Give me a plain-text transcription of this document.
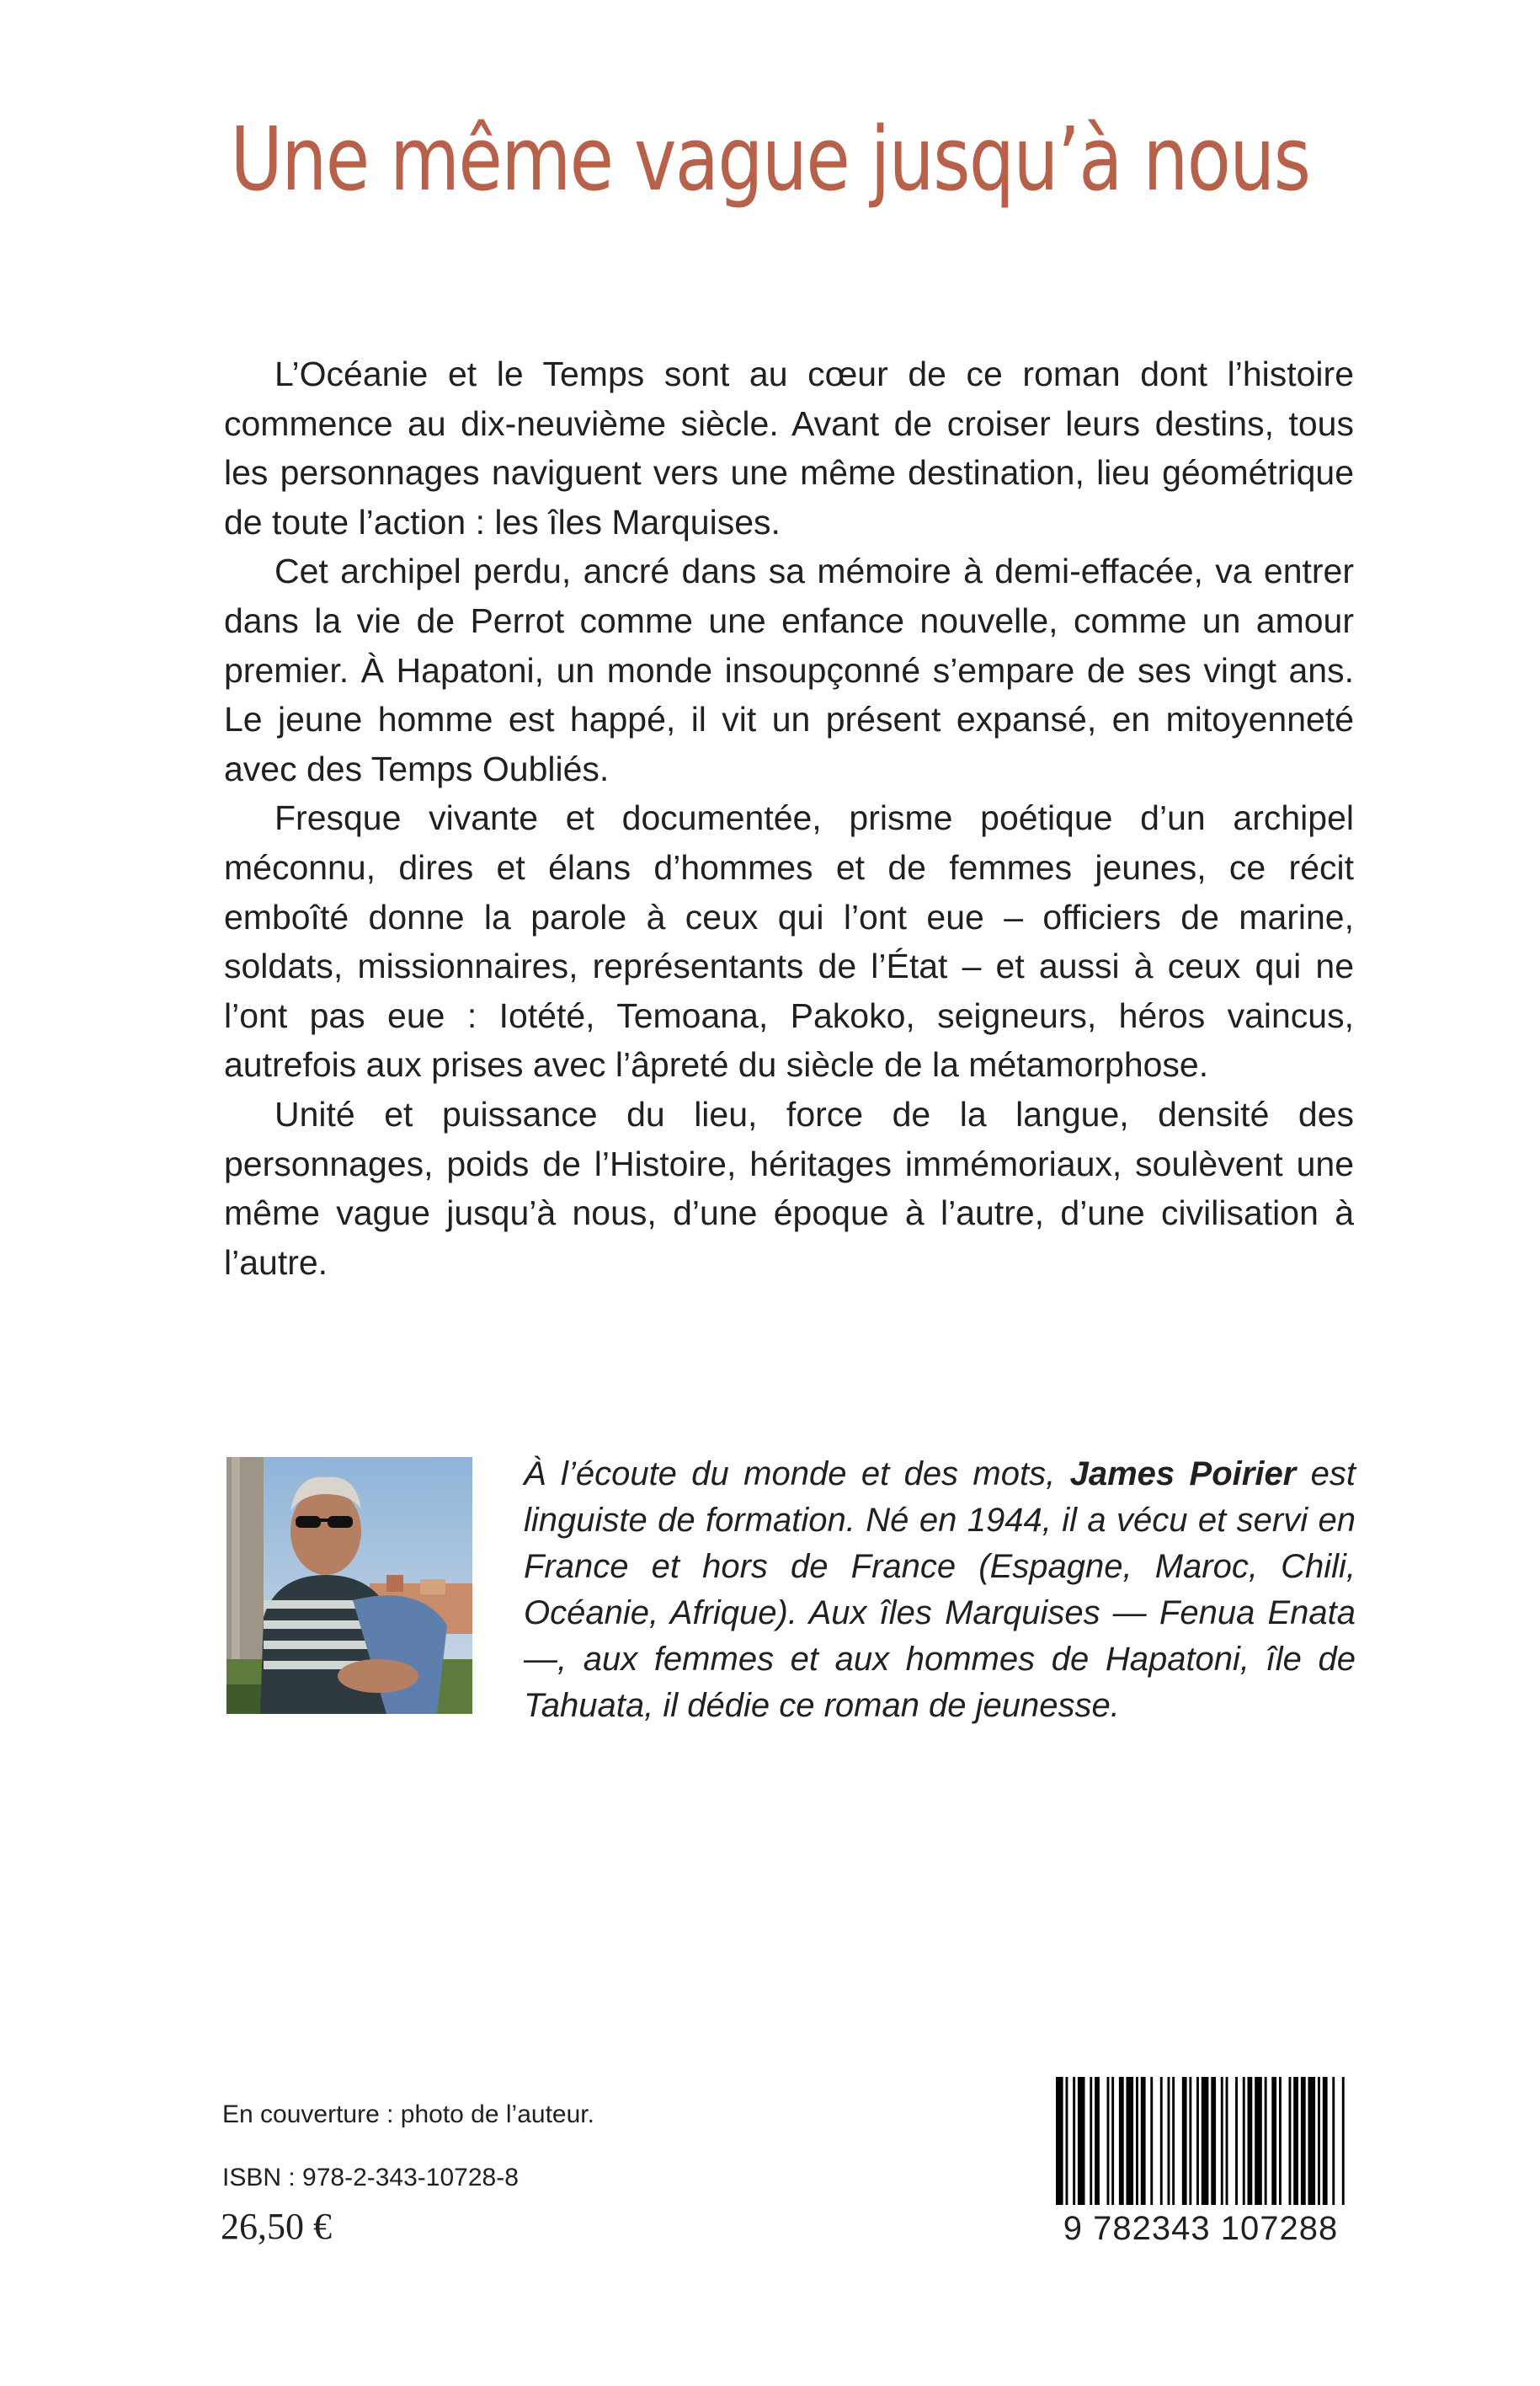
Une même vague jusqu’à nous

L’Océanie et le Temps sont au cœur de ce roman dont l’histoire commence au dix-neuvième siècle. Avant de croiser leurs destins, tous les personnages naviguent vers une même destination, lieu géométrique de toute l’action : les îles Marquises.

Cet archipel perdu, ancré dans sa mémoire à demi-effacée, va entrer dans la vie de Perrot comme une enfance nouvelle, comme un amour premier. À Hapatoni, un monde insoupçonné s’empare de ses vingt ans. Le jeune homme est happé, il vit un présent expansé, en mitoyenneté avec des Temps Oubliés.

Fresque vivante et documentée, prisme poétique d’un archipel méconnu, dires et élans d’hommes et de femmes jeunes, ce récit emboîté donne la parole à ceux qui l’ont eue – officiers de marine, soldats, missionnaires, représentants de l’État – et aussi à ceux qui ne l’ont pas eue : Iotété, Temoana, Pakoko, seigneurs, héros vaincus, autrefois aux prises avec l’âpreté du siècle de la métamorphose.

Unité et puissance du lieu, force de la langue, densité des personnages, poids de l’Histoire, héritages immémoriaux, soulèvent une même vague jusqu’à nous, d’une époque à l’autre, d’une civilisation à l’autre.

À l’écoute du monde et des mots, James Poirier est linguiste de formation. Né en 1944, il a vécu et servi en France et hors de France (Espagne, Maroc, Chili, Océanie, Afrique). Aux îles Marquises — Fenua Enata —, aux femmes et aux hommes de Hapatoni, île de Tahuata, il dédie ce roman de jeunesse.

En couverture : photo de l’auteur.

ISBN : 978-2-343-10728-8

26,50 €	9 782343 107288
